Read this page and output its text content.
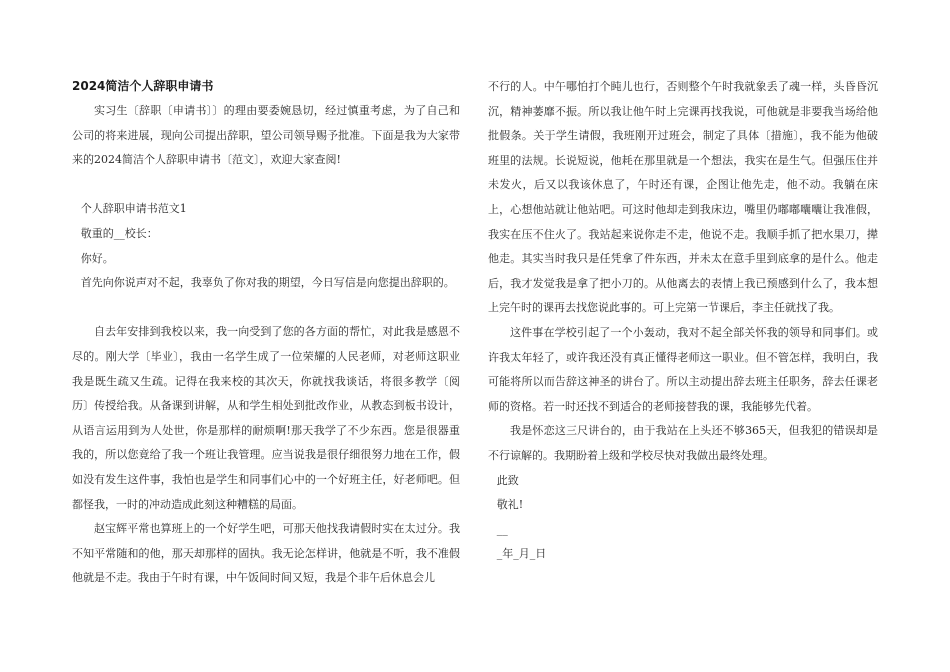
2024简洁个人辞职申请书

实习生〔辞职〔申请书〕〕的理由要委婉恳切，经过慎重考虑，为了自己和公司的将来进展，现向公司提出辞职，望公司领导赐予批准。下面是我为大家带来的2024简洁个人辞职申请书〔范文〕，欢迎大家查阅!

个人辞职申请书范文1

敬重的__校长：

你好。

首先向你说声对不起，我辜负了你对我的期望，今日写信是向您提出辞职的。

自去年安排到我校以来，我一向受到了您的各方面的帮忙，对此我是感恩不尽的。刚大学〔毕业〕，我由一名学生成了一位荣耀的人民老师，对老师这职业我是既生疏又生疏。记得在我来校的其次天，你就找我谈话，将很多教学〔阅历〕传授给我。从备课到讲解，从和学生相处到批改作业，从教态到板书设计，从语言运用到为人处世，你是那样的耐烦啊!那天我学了不少东西。您是很器重我的，所以您竟给了我一个班让我管理。应当说我是很仔细很努力地在工作，假如没有发生这件事，我怕也是学生和同事们心中的一个好班主任，好老师吧。但都怪我，一时的冲动造成此刻这种糟糕的局面。

赵宝辉平常也算班上的一个好学生吧，可那天他找我请假时实在太过分。我不知平常随和的他，那天却那样的固执。我无论怎样讲，他就是不听，我不准假他就是不走。我由于午时有课，中午饭间时间又短，我是个非午后休息会儿

不行的人。中午哪怕打个盹儿也行，否则整个午时我就象丢了魂一样，头昏昏沉沉，精神萎靡不振。所以我让他午时上完课再找我说，可他就是非要我当场给他批假条。关于学生请假，我班刚开过班会，制定了具体〔措施〕，我不能为他破班里的法规。长说短说，他耗在那里就是一个想法，我实在是生气。但强压住并未发火，后又以我该休息了，午时还有课，企图让他先走，他不动。我躺在床上，心想他站就让他站吧。可这时他却走到我床边，嘴里仍嘟嘟囔囔让我准假，我实在压不住火了。我站起来说你走不走，他说不走。我顺手抓了把水果刀，撵他走。其实当时我只是任凭拿了件东西，并未太在意手里到底拿的是什么。他走后，我才发觉我是拿了把小刀的。从他离去的表情上我已预感到什么了，我本想上完午时的课再去找您说此事的。可上完第一节课后，李主任就找了我。

这件事在学校引起了一个小轰动，我对不起全部关怀我的领导和同事们。或许我太年轻了，或许我还没有真正懂得老师这一职业。但不管怎样，我明白，我可能将所以而告辞这神圣的讲台了。所以主动提出辞去班主任职务，辞去任课老师的资格。若一时还找不到适合的老师接替我的课，我能够先代着。

我是怀恋这三尺讲台的，由于我站在上头还不够365天，但我犯的错误却是不行谅解的。我期盼着上级和学校尽快对我做出最终处理。

此致

敬礼!

__

_年_月_日
